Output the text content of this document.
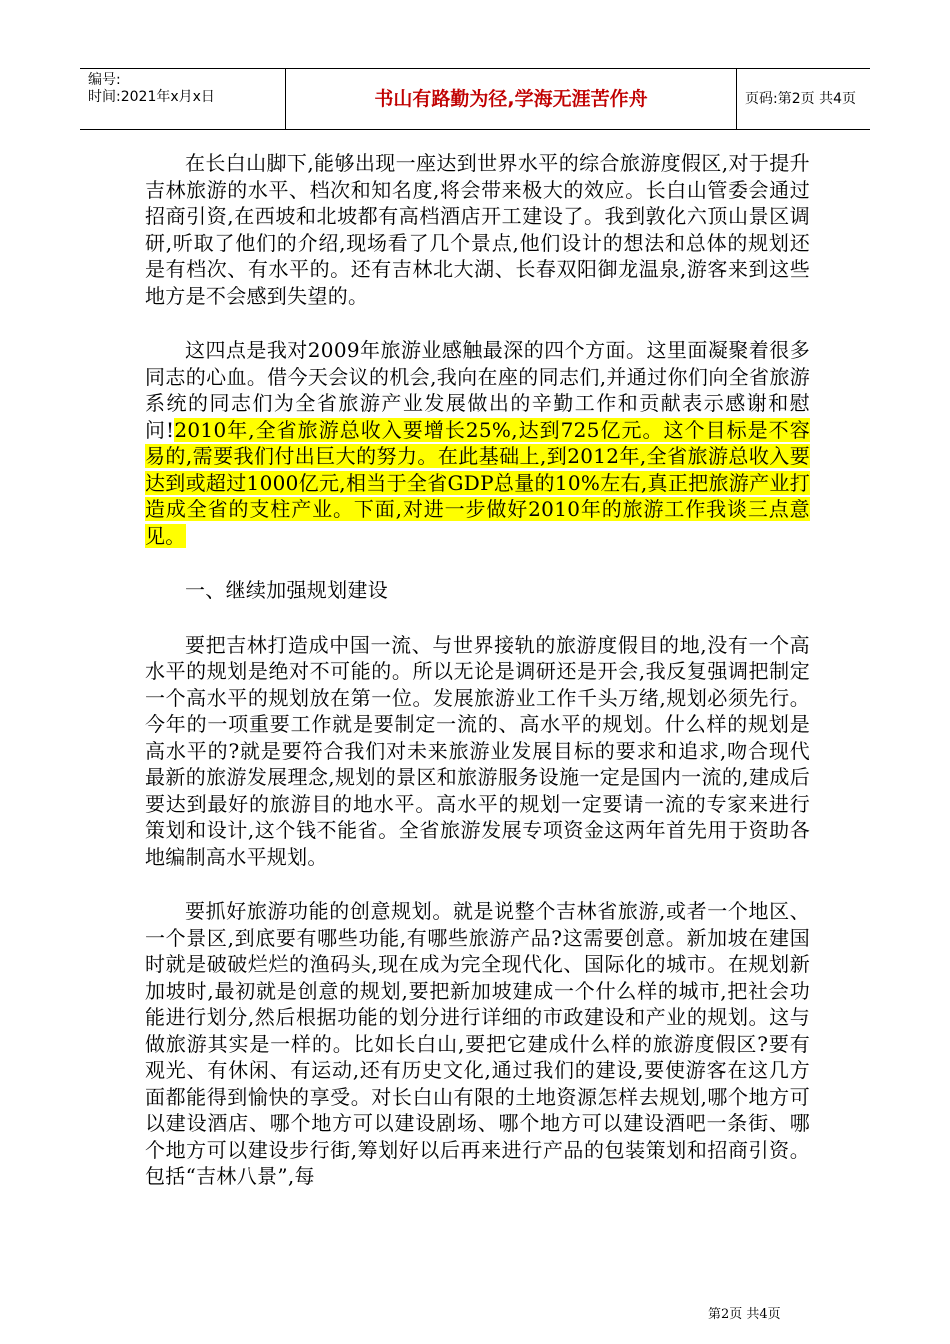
编号:
时间:2021年x月x日	书山有路勤为径,学海无涯苦作舟	页码:第2页 共4页

在长白山脚下,能够出现一座达到世界水平的综合旅游度假区,对于提升吉林旅游的水平、档次和知名度,将会带来极大的效应。长白山管委会通过招商引资,在西坡和北坡都有高档酒店开工建设了。我到敦化六顶山景区调研,听取了他们的介绍,现场看了几个景点,他们设计的想法和总体的规划还是有档次、有水平的。还有吉林北大湖、长春双阳御龙温泉,游客来到这些地方是不会感到失望的。

这四点是我对2009年旅游业感触最深的四个方面。这里面凝聚着很多同志的心血。借今天会议的机会,我向在座的同志们,并通过你们向全省旅游系统的同志们为全省旅游产业发展做出的辛勤工作和贡献表示感谢和慰问!2010年,全省旅游总收入要增长25%,达到725亿元。这个目标是不容易的,需要我们付出巨大的努力。在此基础上,到2012年,全省旅游总收入要达到或超过1000亿元,相当于全省GDP总量的10%左右,真正把旅游产业打造成全省的支柱产业。下面,对进一步做好2010年的旅游工作我谈三点意见。

一、继续加强规划建设

要把吉林打造成中国一流、与世界接轨的旅游度假目的地,没有一个高水平的规划是绝对不可能的。所以无论是调研还是开会,我反复强调把制定一个高水平的规划放在第一位。发展旅游业工作千头万绪,规划必须先行。今年的一项重要工作就是要制定一流的、高水平的规划。什么样的规划是高水平的?就是要符合我们对未来旅游业发展目标的要求和追求,吻合现代最新的旅游发展理念,规划的景区和旅游服务设施一定是国内一流的,建成后要达到最好的旅游目的地水平。高水平的规划一定要请一流的专家来进行策划和设计,这个钱不能省。全省旅游发展专项资金这两年首先用于资助各地编制高水平规划。

要抓好旅游功能的创意规划。就是说整个吉林省旅游,或者一个地区、一个景区,到底要有哪些功能,有哪些旅游产品?这需要创意。新加坡在建国时就是破破烂烂的渔码头,现在成为完全现代化、国际化的城市。在规划新加坡时,最初就是创意的规划,要把新加坡建成一个什么样的城市,把社会功能进行划分,然后根据功能的划分进行详细的市政建设和产业的规划。这与做旅游其实是一样的。比如长白山,要把它建成什么样的旅游度假区?要有观光、有休闲、有运动,还有历史文化,通过我们的建设,要使游客在这几方面都能得到愉快的享受。对长白山有限的土地资源怎样去规划,哪个地方可以建设酒店、哪个地方可以建设剧场、哪个地方可以建设酒吧一条街、哪个地方可以建设步行街,筹划好以后再来进行产品的包装策划和招商引资。包括“吉林八景”,每

第2页 共4页
